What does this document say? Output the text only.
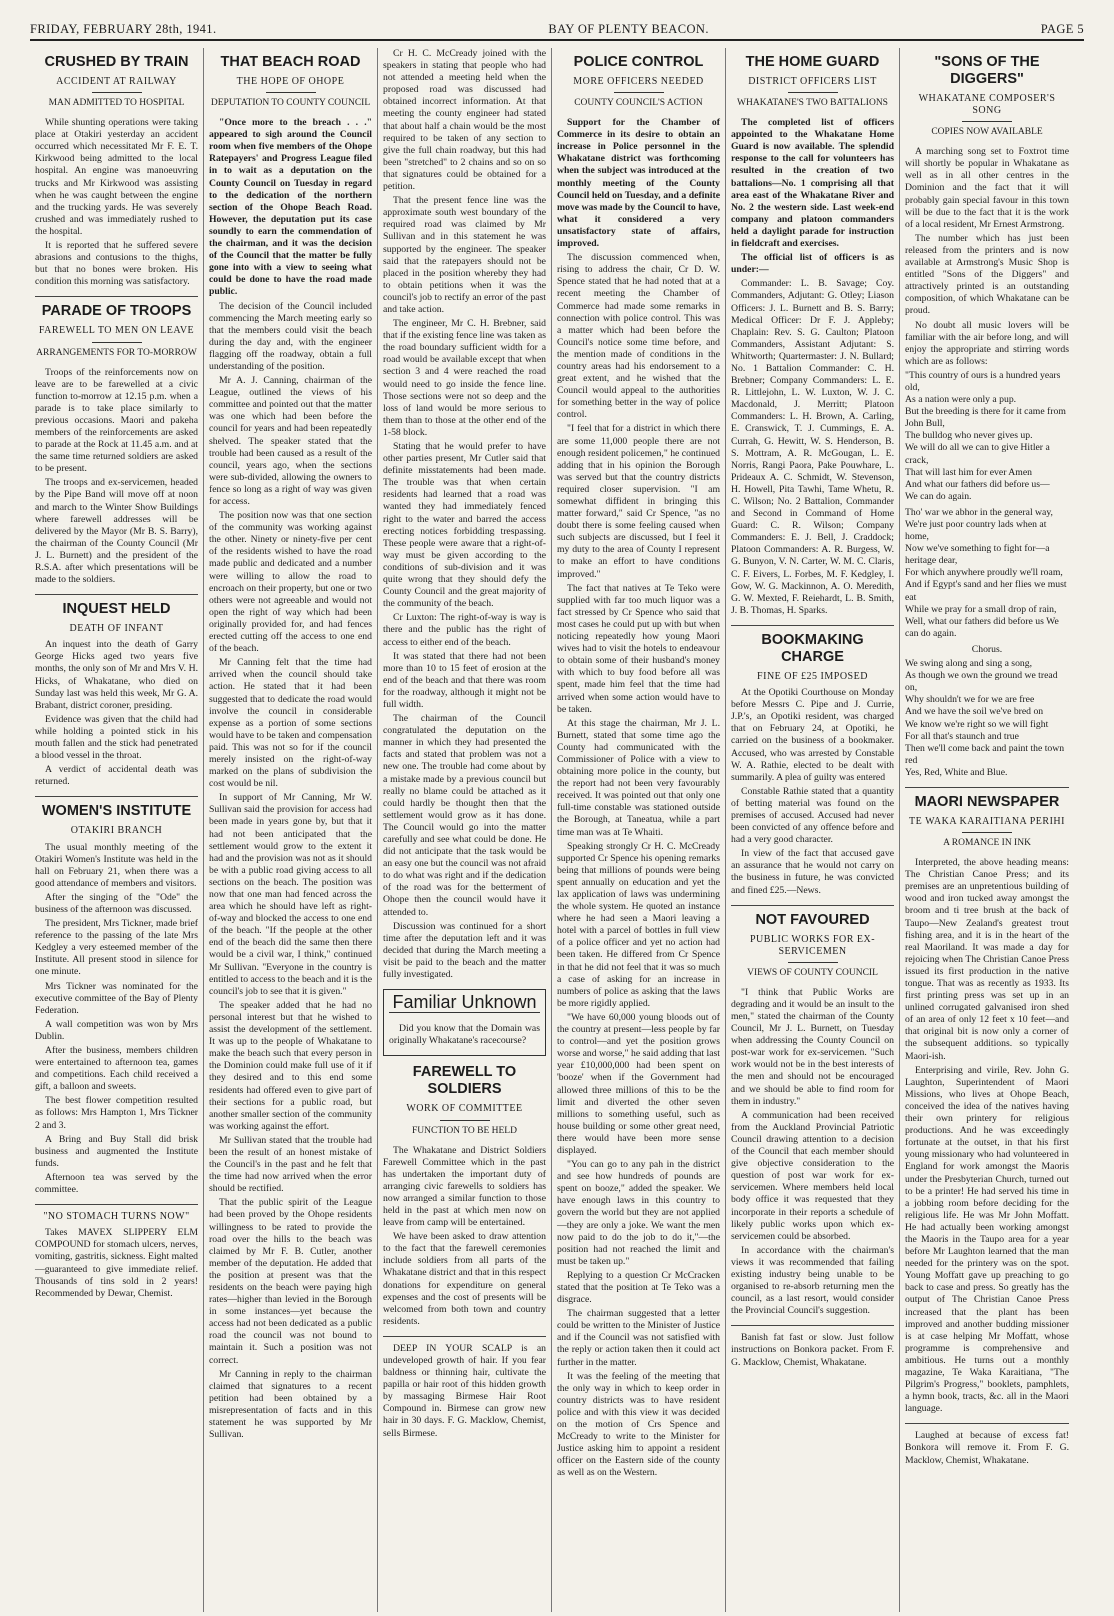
FRIDAY, FEBRUARY 28th, 1941.	BAY OF PLENTY BEACON.	PAGE 5
CRUSHED BY TRAIN
ACCIDENT AT RAILWAY
MAN ADMITTED TO HOSPITAL

While shunting operations were taking place at Otakiri yesterday an accident occurred which necessitated Mr F. E. T. Kirkwood being admitted to the local hospital. An engine was manoeuvring trucks and Mr Kirkwood was assisting when he was caught between the engine and the trucking yards. He was severely crushed and was immediately rushed to the hospital.

It is reported that he suffered severe abrasions and contusions to the thighs, but that no bones were broken. His condition this morning was satisfactory.

PARADE OF TROOPS
FAREWELL TO MEN ON LEAVE
ARRANGEMENTS FOR TO-MORROW

Troops of the reinforcements now on leave are to be farewelled at a civic function to-morrow at 12.15 p.m. when a parade is to take place similarly to previous occasions. Maori and pakeha members of the reinforcements are asked to parade at the Rock at 11.45 a.m. and at the same time returned soldiers are asked to be present.

The troops and ex-servicemen, headed by the Pipe Band will move off at noon and march to the Winter Show Buildings where farewell addresses will be delivered by the Mayor (Mr B. S. Barry), the chairman of the County Council (Mr J. L. Burnett) and the president of the R.S.A. after which presentations will be made to the soldiers.

INQUEST HELD
DEATH OF INFANT

An inquest into the death of Garry George Hicks aged two years five months, the only son of Mr and Mrs V. H. Hicks, of Whakatane, who died on Sunday last was held this week, Mr G. A. Brabant, district coroner, presiding.

Evidence was given that the child had while holding a pointed stick in his mouth fallen and the stick had penetrated a blood vessel in the throat.

A verdict of accidental death was returned.

WOMEN'S INSTITUTE
OTAKIRI BRANCH

The usual monthly meeting of the Otakiri Women's Institute was held in the hall on February 21, when there was a good attendance of members and visitors.

After the singing of the "Ode" the business of the afternoon was discussed.

The president, Mrs Tickner, made brief reference to the passing of the late Mrs Kedgley a very esteemed member of the Institute. All present stood in silence for one minute.

Mrs Tickner was nominated for the executive committee of the Bay of Plenty Federation.

A wall competition was won by Mrs Dublin.

After the business, members children were entertained to afternoon tea, games and competitions. Each child received a gift, a balloon and sweets.

The best flower competition resulted as follows: Mrs Hampton 1, Mrs Tickner 2 and 3.

A Bring and Buy Stall did brisk business and augmented the Institute funds.

Afternoon tea was served by the committee.

"NO STOMACH TURNS NOW"

Takes MAVEX SLIPPERY ELM COMPOUND for stomach ulcers, nerves, vomiting, gastritis, sickness. Eight malted—guaranteed to give immediate relief. Thousands of tins sold in 2 years! Recommended by Dewar, Chemist.

THAT BEACH ROAD
THE HOPE OF OHOPE
DEPUTATION TO COUNTY COUNCIL

"Once more to the breach . . ." appeared to sigh around the Council room when five members of the Ohope Ratepayers' and Progress League filed in to wait as a deputation on the County Council on Tuesday in regard to the dedication of the northern section of the Ohope Beach Road. However, the deputation put its case soundly to earn the commendation of the chairman, and it was the decision of the Council that the matter be fully gone into with a view to seeing what could be done to have the road made public.

The decision of the Council included commencing the March meeting early so that the members could visit the beach during the day and, with the engineer flagging off the roadway, obtain a full understanding of the position.

Mr A. J. Canning, chairman of the League, outlined the views of his committee and pointed out that the matter was one which had been before the council for years and had been repeatedly shelved. The speaker stated that the trouble had been caused as a result of the council, years ago, when the sections were sub-divided, allowing the owners to fence so long as a right of way was given for access.

The position now was that one section of the community was working against the other. Ninety or ninety-five per cent of the residents wished to have the road made public and dedicated and a number were willing to allow the road to encroach on their property, but one or two others were not agreeable and would not open the right of way which had been originally provided for, and had fences erected cutting off the access to one end of the beach.

Mr Canning felt that the time had arrived when the council should take action. He stated that it had been suggested that to dedicate the road would involve the council in considerable expense as a portion of some sections would have to be taken and compensation paid. This was not so for if the council merely insisted on the right-of-way marked on the plans of subdivision the cost would be nil.

In support of Mr Canning, Mr W. Sullivan said the provision for access had been made in years gone by, but that it had not been anticipated that the settlement would grow to the extent it had and the provision was not as it should be with a public road giving access to all sections on the beach. The position was now that one man had fenced across the area which he should have left as right-of-way and blocked the access to one end of the beach. "If the people at the other end of the beach did the same then there would be a civil war, I think," continued Mr Sullivan. "Everyone in the country is entitled to access to the beach and it is the council's job to see that it is given."

The speaker added that he had no personal interest but that he wished to assist the development of the settlement. It was up to the people of Whakatane to make the beach such that every person in the Dominion could make full use of it if they desired and to this end some residents had offered even to give part of their sections for a public road, but another smaller section of the community was working against the effort.

Mr Sullivan stated that the trouble had been the result of an honest mistake of the Council's in the past and he felt that the time had now arrived when the error should be rectified.

That the public spirit of the League had been proved by the Ohope residents willingness to be rated to provide the road over the hills to the beach was claimed by Mr F. B. Cutler, another member of the deputation. He added that the position at present was that the residents on the beach were paying high rates—higher than levied in the Borough in some instances—yet because the access had not been dedicated as a public road the council was not bound to maintain it. Such a position was not correct.

Mr Canning in reply to the chairman claimed that signatures to a recent petition had been obtained by a misrepresentation of facts and in this statement he was supported by Mr Sullivan.

Cr H. C. McCready joined with the speakers in stating that people who had not attended a meeting held when the proposed road was discussed had obtained incorrect information. At that meeting the county engineer had stated that about half a chain would be the most required to be taken of any section to give the full chain roadway, but this had been "stretched" to 2 chains and so on so that signatures could be obtained for a petition.

That the present fence line was the approximate south west boundary of the required road was claimed by Mr Sullivan and in this statement he was supported by the engineer. The speaker said that the ratepayers should not be placed in the position whereby they had to obtain petitions when it was the council's job to rectify an error of the past and take action.

The engineer, Mr C. H. Brebner, said that if the existing fence line was taken as the road boundary sufficient width for a road would be available except that when section 3 and 4 were reached the road would need to go inside the fence line. Those sections were not so deep and the loss of land would be more serious to them than to those at the other end of the 1-58 block.

Stating that he would prefer to have other parties present, Mr Cutler said that definite misstatements had been made. The trouble was that when certain residents had learned that a road was wanted they had immediately fenced right to the water and barred the access erecting notices forbidding trespassing. These people were aware that a right-of-way must be given according to the conditions of sub-division and it was quite wrong that they should defy the County Council and the great majority of the community of the beach.

Cr Luxton: The right-of-way is way is there and the public has the right of access to either end of the beach.

It was stated that there had not been more than 10 to 15 feet of erosion at the end of the beach and that there was room for the roadway, although it might not be full width.

The chairman of the Council congratulated the deputation on the manner in which they had presented the facts and stated that problem was not a new one. The trouble had come about by a mistake made by a previous council but really no blame could be attached as it could hardly be thought then that the settlement would grow as it has done. The Council would go into the matter carefully and see what could be done. He did not anticipate that the task would be an easy one but the council was not afraid to do what was right and if the dedication of the road was for the betterment of Ohope then the council would have it attended to.

Discussion was continued for a short time after the deputation left and it was decided that during the March meeting a visit be paid to the beach and the matter fully investigated.

Familiar Unknown

Did you know that the Domain was originally Whakatane's racecourse?

FAREWELL TO SOLDIERS
WORK OF COMMITTEE
FUNCTION TO BE HELD

The Whakatane and District Soldiers Farewell Committee which in the past has undertaken the important duty of arranging civic farewells to soldiers has now arranged a similar function to those held in the past at which men now on leave from camp will be entertained.

We have been asked to draw attention to the fact that the farewell ceremonies include soldiers from all parts of the Whakatane district and that in this respect donations for expenditure on general expenses and the cost of presents will be welcomed from both town and country residents.

DEEP IN YOUR SCALP is an undeveloped growth of hair. If you fear baldness or thinning hair, cultivate the papilla or hair root of this hidden growth by massaging Birmese Hair Root Compound in. Birmese can grow new hair in 30 days. F. G. Macklow, Chemist, sells Birmese.

POLICE CONTROL
MORE OFFICERS NEEDED
COUNTY COUNCIL'S ACTION

Support for the Chamber of Commerce in its desire to obtain an increase in Police personnel in the Whakatane district was forthcoming when the subject was introduced at the monthly meeting of the County Council held on Tuesday, and a definite move was made by the Council to have, what it considered a very unsatisfactory state of affairs, improved.

The discussion commenced when, rising to address the chair, Cr D. W. Spence stated that he had noted that at a recent meeting the Chamber of Commerce had made some remarks in connection with police control. This was a matter which had been before the Council's notice some time before, and the mention made of conditions in the country areas had his endorsement to a great extent, and he wished that the Council would appeal to the authorities for something better in the way of police control.

"I feel that for a district in which there are some 11,000 people there are not enough resident policemen," he continued adding that in his opinion the Borough was served but that the country districts required closer supervision. "I am somewhat diffident in bringing this matter forward," said Cr Spence, "as no doubt there is some feeling caused when such subjects are discussed, but I feel it my duty to the area of County I represent to make an effort to have conditions improved."

The fact that natives at Te Teko were supplied with far too much liquor was a fact stressed by Cr Spence who said that most cases he could put up with but when noticing repeatedly how young Maori wives had to visit the hotels to endeavour to obtain some of their husband's money with which to buy food before all was spent, made him feel that the time had arrived when some action would have to be taken.

At this stage the chairman, Mr J. L. Burnett, stated that some time ago the County had communicated with the Commissioner of Police with a view to obtaining more police in the county, but the report had not been very favourably received. It was pointed out that only one full-time constable was stationed outside the Borough, at Taneatua, while a part time man was at Te Whaiti.

Speaking strongly Cr H. C. McCready supported Cr Spence his opening remarks being that millions of pounds were being spent annually on education and yet the lax application of laws was undermining the whole system. He quoted an instance where he had seen a Maori leaving a hotel with a parcel of bottles in full view of a police officer and yet no action had been taken. He differed from Cr Spence in that he did not feel that it was so much a case of asking for an increase in numbers of police as asking that the laws be more rigidly applied.

"We have 60,000 young bloods out of the country at present—less people by far to control—and yet the position grows worse and worse," he said adding that last year £10,000,000 had been spent on 'booze' when if the Government had allowed three millions of this to be the limit and diverted the other seven millions to something useful, such as house building or some other great need, there would have been more sense displayed.

"You can go to any pah in the district and see how hundreds of pounds are spent on booze," added the speaker. We have enough laws in this country to govern the world but they are not applied—they are only a joke. We want the men now paid to do the job to do it,"—the position had not reached the limit and must be taken up."

Replying to a question Cr McCracken stated that the position at Te Teko was a disgrace.

The chairman suggested that a letter could be written to the Minister of Justice and if the Council was not satisfied with the reply or action taken then it could act further in the matter.

It was the feeling of the meeting that the only way in which to keep order in country districts was to have resident police and with this view it was decided on the motion of Crs Spence and McCready to write to the Minister for Justice asking him to appoint a resident officer on the Eastern side of the county as well as on the Western.

THE HOME GUARD
DISTRICT OFFICERS LIST
WHAKATANE'S TWO BATTALIONS

The completed list of officers appointed to the Whakatane Home Guard is now available. The splendid response to the call for volunteers has resulted in the creation of two battalions—No. 1 comprising all that area east of the Whakatane River and No. 2 the western side. Last week-end company and platoon commanders held a daylight parade for instruction in fieldcraft and exercises.

The official list of officers is as under:—

Commander: L. B. Savage; Coy. Commanders, Adjutant: G. Otley; Liason Officers: J. L. Burnett and B. S. Barry; Medical Officer: Dr F. J. Appleby; Chaplain: Rev. S. G. Caulton; Platoon Commanders, Assistant Adjutant: S. Whitworth; Quartermaster: J. N. Bullard; No. 1 Battalion Commander: C. H. Brebner; Company Commanders: L. E. R. Littlejohn, L. W. Luxton, W. J. C. Macdonald, J. Merritt; Platoon Commanders: L. H. Brown, A. Carling, E. Cranswick, T. J. Cummings, E. A. Currah, G. Hewitt, W. S. Henderson, B. S. Mottram, A. R. McGougan, L. E. Norris, Rangi Paora, Pake Pouwhare, L. Prideaux A. C. Schmidt, W. Stevenson, H. Howell, Pita Tawhi, Tame Whetu, R. C. Wilson; No. 2 Battalion, Commander and Second in Command of Home Guard: C. R. Wilson; Company Commanders: E. J. Bell, J. Craddock; Platoon Commanders: A. R. Burgess, W. G. Bunyon, V. N. Carter, W. M. C. Claris, C. F. Eivers, L. Forbes, M. F. Kedgley, I. Gow, W. G. Mackinnon, A. O. Meredith, G. W. Mexted, F. Reiehardt, L. B. Smith, J. B. Thomas, H. Sparks.

BOOKMAKING CHARGE
FINE OF £25 IMPOSED

At the Opotiki Courthouse on Monday before Messrs C. Pipe and J. Currie, J.P.'s, an Opotiki resident, was charged that on February 24, at Opotiki, he carried on the business of a bookmaker. Accused, who was arrested by Constable W. A. Rathie, elected to be dealt with summarily. A plea of guilty was entered

Constable Rathie stated that a quantity of betting material was found on the premises of accused. Accused had never been convicted of any offence before and had a very good character.

In view of the fact that accused gave an assurance that he would not carry on the business in future, he was convicted and fined £25.—News.

NOT FAVOURED
PUBLIC WORKS FOR EX-SERVICEMEN
VIEWS OF COUNTY COUNCIL

"I think that Public Works are degrading and it would be an insult to the men," stated the chairman of the County Council, Mr J. L. Burnett, on Tuesday when addressing the County Council on post-war work for ex-servicemen. "Such work would not be in the best interests of the men and should not be encouraged and we should be able to find room for them in industry."

A communication had been received from the Auckland Provincial Patriotic Council drawing attention to a decision of the Council that each member should give objective consideration to the question of post war work for ex-servicemen. Where members held local body office it was requested that they incorporate in their reports a schedule of likely public works upon which ex-servicemen could be absorbed.

In accordance with the chairman's views it was recommended that failing existing industry being unable to be organised to re-absorb returning men the council, as a last resort, would consider the Provincial Council's suggestion.

Banish fat fast or slow. Just follow instructions on Bonkora packet. From F. G. Macklow, Chemist, Whakatane.

"SONS OF THE DIGGERS"
WHAKATANE COMPOSER'S SONG
COPIES NOW AVAILABLE

A marching song set to Foxtrot time will shortly be popular in Whakatane as well as in all other centres in the Dominion and the fact that it will probably gain special favour in this town will be due to the fact that it is the work of a local resident, Mr Ernest Armstrong.

The number which has just been released from the printers and is now available at Armstrong's Music Shop is entitled "Sons of the Diggers" and attractively printed is an outstanding composition, of which Whakatane can be proud.

No doubt all music lovers will be familiar with the air before long, and will enjoy the appropriate and stirring words which are as follows:

"This country of ours is a hundred years old,

As a nation were only a pup.

But the breeding is there for it came from John Bull,

The bulldog who never gives up.

We will do all we can to give Hitler a crack,

That will last him for ever Amen

And what our fathers did before us—

We can do again.

Tho' war we abhor in the general way,

We're just poor country lads when at home,

Now we've something to fight for—a heritage dear,

For which anywhere proudly we'll roam,

And if Egypt's sand and her flies we must eat

While we pray for a small drop of rain,

Well, what our fathers did before us We can do again.

Chorus.

We swing along and sing a song,

As though we own the ground we tread on,

Why shouldn't we for we are free

And we have the soil we've bred on

We know we're right so we will fight

For all that's staunch and true

Then we'll come back and paint the town red

Yes, Red, White and Blue.

MAORI NEWSPAPER
TE WAKA KARAITIANA PERIHI
A ROMANCE IN INK

Interpreted, the above heading means: The Christian Canoe Press; and its premises are an unpretentious building of wood and iron tucked away amongst the broom and ti tree brush at the back of Taupo—New Zealand's greatest trout fishing area, and it is in the heart of the real Maoriland. It was made a day for rejoicing when The Christian Canoe Press issued its first production in the native tongue. That was as recently as 1933. Its first printing press was set up in an unlined corrugated galvanised iron shed of an area of only 12 feet x 10 feet—and that original bit is now only a corner of the subsequent additions. so typically Maori-ish.

Enterprising and virile, Rev. John G. Laughton, Superintendent of Maori Missions, who lives at Ohope Beach, conceived the idea of the natives having their own printery for religious productions. And he was exceedingly fortunate at the outset, in that his first young missionary who had volunteered in England for work amongst the Maoris under the Presbyterian Church, turned out to be a printer! He had served his time in a jobbing room before deciding for the religious life. He was Mr John Moffatt. He had actually been working amongst the Maoris in the Taupo area for a year before Mr Laughton learned that the man needed for the printery was on the spot. Young Moffatt gave up preaching to go back to case and press. So greatly has the output of The Christian Canoe Press increased that the plant has been improved and another budding missioner is at case helping Mr Moffatt, whose programme is comprehensive and ambitious. He turns out a monthly magazine, Te Waka Karaitiana, "The Pilgrim's Progress," booklets, pamphlets, a hymn book, tracts, &c. all in the Maori language.

Laughed at because of excess fat! Bonkora will remove it. From F. G. Macklow, Chemist, Whakatane.
